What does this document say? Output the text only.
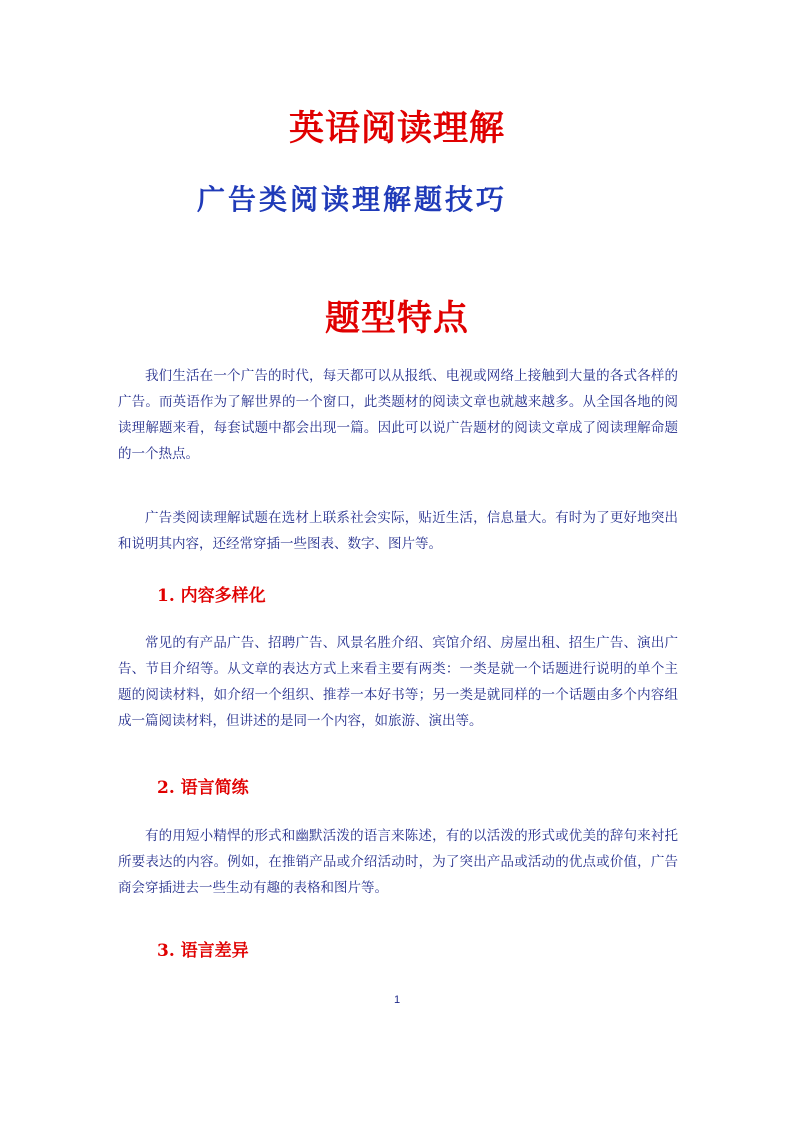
英语阅读理解
广告类阅读理解题技巧
题型特点

我们生活在一个广告的时代，每天都可以从报纸、电视或网络上接触到大量的各式各样的广告。而英语作为了解世界的一个窗口，此类题材的阅读文章也就越来越多。从全国各地的阅读理解题来看，每套试题中都会出现一篇。因此可以说广告题材的阅读文章成了阅读理解命题的一个热点。

广告类阅读理解试题在选材上联系社会实际，贴近生活，信息量大。有时为了更好地突出和说明其内容，还经常穿插一些图表、数字、图片等。

1. 内容多样化

常见的有产品广告、招聘广告、风景名胜介绍、宾馆介绍、房屋出租、招生广告、演出广告、节目介绍等。从文章的表达方式上来看主要有两类：一类是就一个话题进行说明的单个主题的阅读材料，如介绍一个组织、推荐一本好书等；另一类是就同样的一个话题由多个内容组成一篇阅读材料，但讲述的是同一个内容，如旅游、演出等。

2. 语言简练

有的用短小精悍的形式和幽默活泼的语言来陈述，有的以活泼的形式或优美的辞句来衬托所要表达的内容。例如，在推销产品或介绍活动时，为了突出产品或活动的优点或价值，广告商会穿插进去一些生动有趣的表格和图片等。

3. 语言差异
1
